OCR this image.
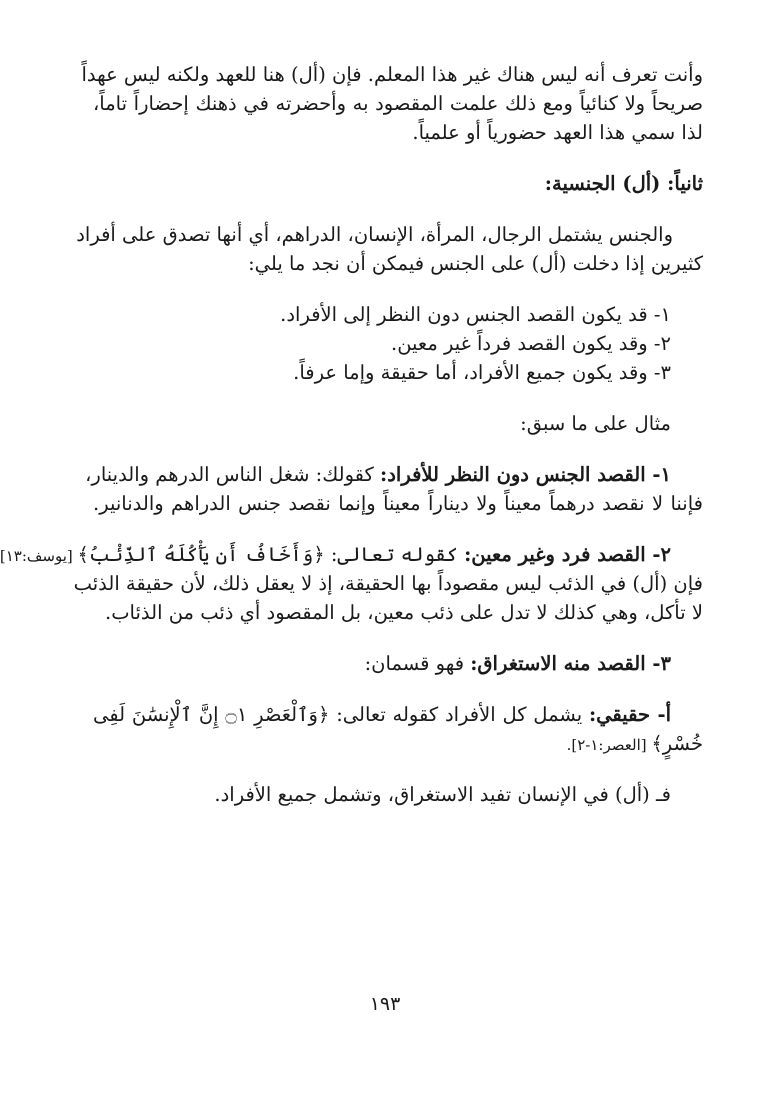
وأنت تعرف أنه ليس هناك غير هذا المعلم. فإن (أل) هنا للعهد ولكنه ليس عهداً
صريحاً ولا كنائياً ومع ذلك علمت المقصود به وأحضرته في ذهنك إحضاراً تاماً،
لذا سمي هذا العهد حضورياً أو علمياً.
ثانياً: (أل) الجنسية:
والجنس يشتمل الرجال، المرأة، الإنسان، الدراهم، أي أنها تصدق على أفراد
كثيرين إذا دخلت (أل) على الجنس فيمكن أن نجد ما يلي:
١- قد يكون القصد الجنس دون النظر إلى الأفراد.
٢- وقد يكون القصد فرداً غير معين.
٣- وقد يكون جميع الأفراد، أما حقيقة وإما عرفاً.
مثال على ما سبق:
١- القصد الجنس دون النظر للأفراد: كقولك: شغل الناس الدرهم والدينار،
فإننا لا نقصد درهماً معيناً ولا ديناراً معيناً وإنما نقصد جنس الدراهم والدنانير.
٢- القصد فرد وغير معين: كقوله تعالى: ﴿وَأَخَافُ أَن يَأْكُلَهُ ٱلذِّئْبُ﴾ [يوسف:١٣]
فإن (أل) في الذئب ليس مقصوداً بها الحقيقة، إذ لا يعقل ذلك، لأن حقيقة الذئب
لا تأكل، وهي كذلك لا تدل على ذئب معين، بل المقصود أي ذئب من الذئاب.
٣- القصد منه الاستغراق: فهو قسمان:
أ- حقيقي: يشمل كل الأفراد كقوله تعالى: ﴿وَٱلْعَصْرِ ۝١ إِنَّ ٱلْإِنسَٰنَ لَفِى
خُسْرٍ﴾ [العصر:١-٢].
فـ (أل) في الإنسان تفيد الاستغراق، وتشمل جميع الأفراد.
١٩٣
